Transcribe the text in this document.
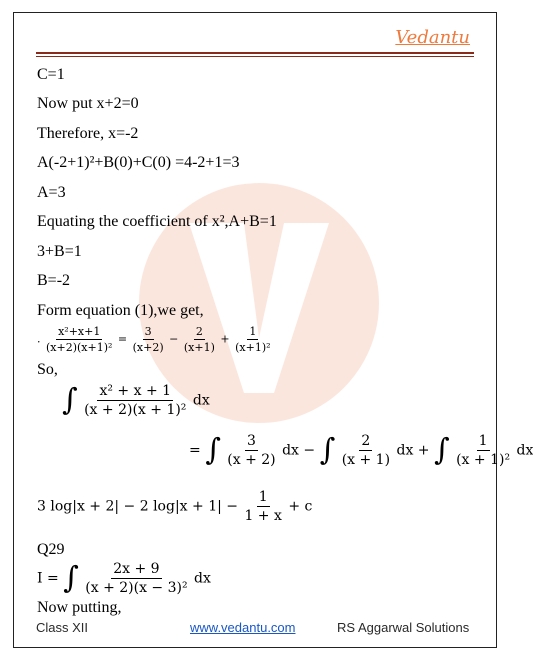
Vedantu
C=1
Now put x+2=0
Therefore, x=-2
A(-2+1)²+B(0)+C(0) =4-2+1=3
A=3
Equating the coefficient of x²,A+B=1
3+B=1
B=-2
Form equation (1),we get,
. $\frac{\text{x²+x+1}}{\text{(x+2)(x+1)²}} = \frac{3}{(x+2)} - \frac{2}{(x+1)} + \frac{1}{\text{(x+1)²}}$
So,
∫ $\frac{\text{x² + x + 1}}{\text{(x + 2)(x + 1)²}}$ dx
= ∫ $\frac{3}{(x + 2)}$ dx − ∫ $\frac{2}{(x + 1)}$ dx + ∫ $\frac{1}{\text{(x + 1)²}}$ dx
3 log|x + 2| − 2 $\log|x + 1| - \frac{1}{1 + x} + c$
Q29
I = ∫ $\frac{2x + 9}{\text{(x + 2)(x − 3)²}}$ dx
Now putting,
Class XII	www.vedantu.com	RS Aggarwal Solutions
